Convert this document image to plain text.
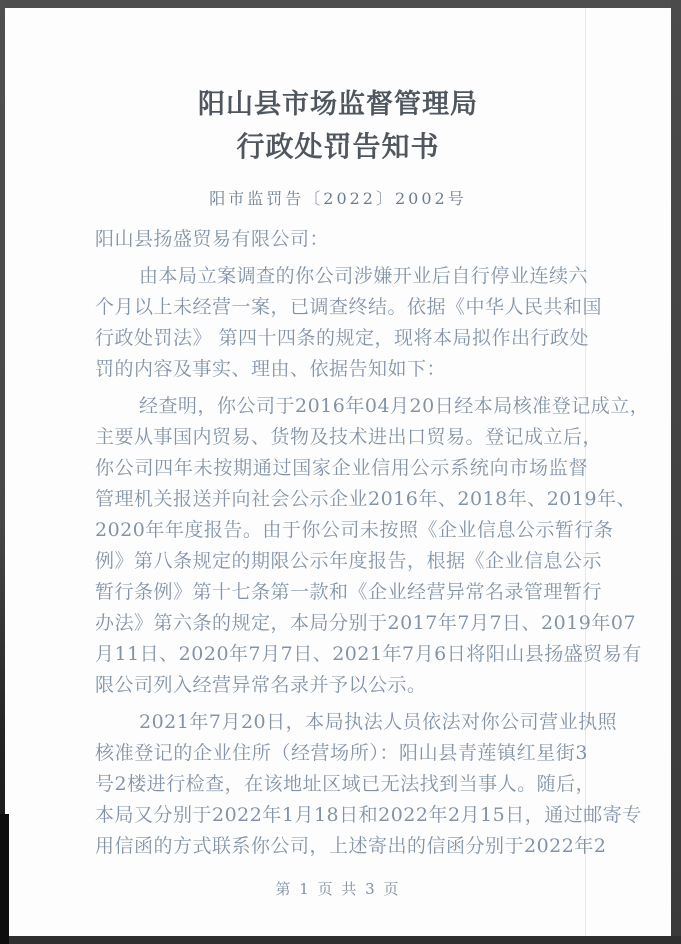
阳山县市场监督管理局
行政处罚告知书
阳市监罚告〔2022〕2002号
阳山县扬盛贸易有限公司：
由本局立案调查的你公司涉嫌开业后自行停业连续六
个月以上未经营一案，已调查终结。依据《中华人民共和国
行政处罚法》 第四十四条的规定，现将本局拟作出行政处
罚的内容及事实、理由、依据告知如下：
经查明，你公司于2016年04月20日经本局核准登记成立，
主要从事国内贸易、货物及技术进出口贸易。登记成立后，
你公司四年未按期通过国家企业信用公示系统向市场监督
管理机关报送并向社会公示企业2016年、2018年、2019年、
2020年年度报告。由于你公司未按照《企业信息公示暂行条
例》第八条规定的期限公示年度报告，根据《企业信息公示
暂行条例》第十七条第一款和《企业经营异常名录管理暂行
办法》第六条的规定，本局分别于2017年7月7日、2019年07
月11日、2020年7月7日、2021年7月6日将阳山县扬盛贸易有
限公司列入经营异常名录并予以公示。
2021年7月20日，本局执法人员依法对你公司营业执照
核准登记的企业住所（经营场所）：阳山县青莲镇红星街3
号2楼进行检查，在该地址区域已无法找到当事人。随后，
本局又分别于2022年1月18日和2022年2月15日，通过邮寄专
用信函的方式联系你公司，上述寄出的信函分别于2022年2
第 1 页 共 3 页
